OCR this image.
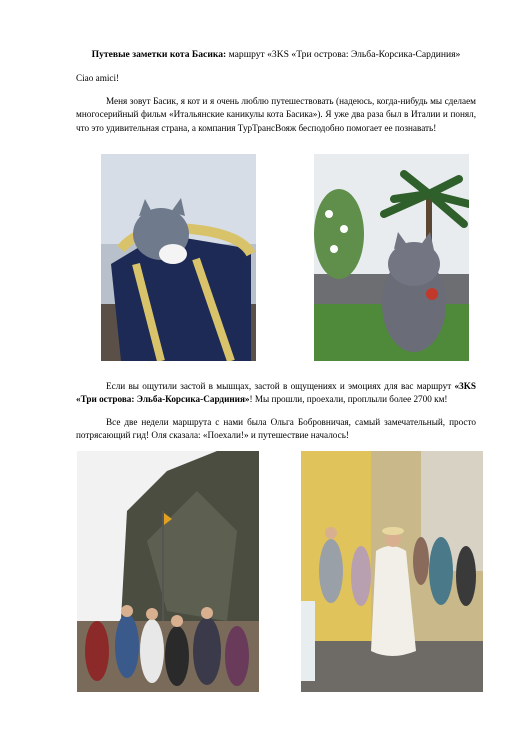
Путевые заметки кота Басика: маршрут «3KS «Три острова: Эльба-Корсика-Сардиния»
Ciao amici!
Меня зовут Басик, я кот и я очень люблю путешествовать (надеюсь, когда-нибудь мы сделаем многосерийный фильм «Итальянские каникулы кота Басика»). Я уже два раза был в Италии и понял, что это удивительная страна, а компания ТурТрансВояж бесподобно помогает ее познавать!
Если вы ощутили застой в мышцах, застой в ощущениях и эмоциях для вас маршрут «3KS «Три острова: Эльба-Корсика-Сардиния»! Мы прошли, проехали, проплыли более 2700 км!
Все две недели маршрута с нами была Ольга Бобровничая, самый замечательный, просто потрясающий гид! Оля сказала: «Поехали!» и путешествие началось!
